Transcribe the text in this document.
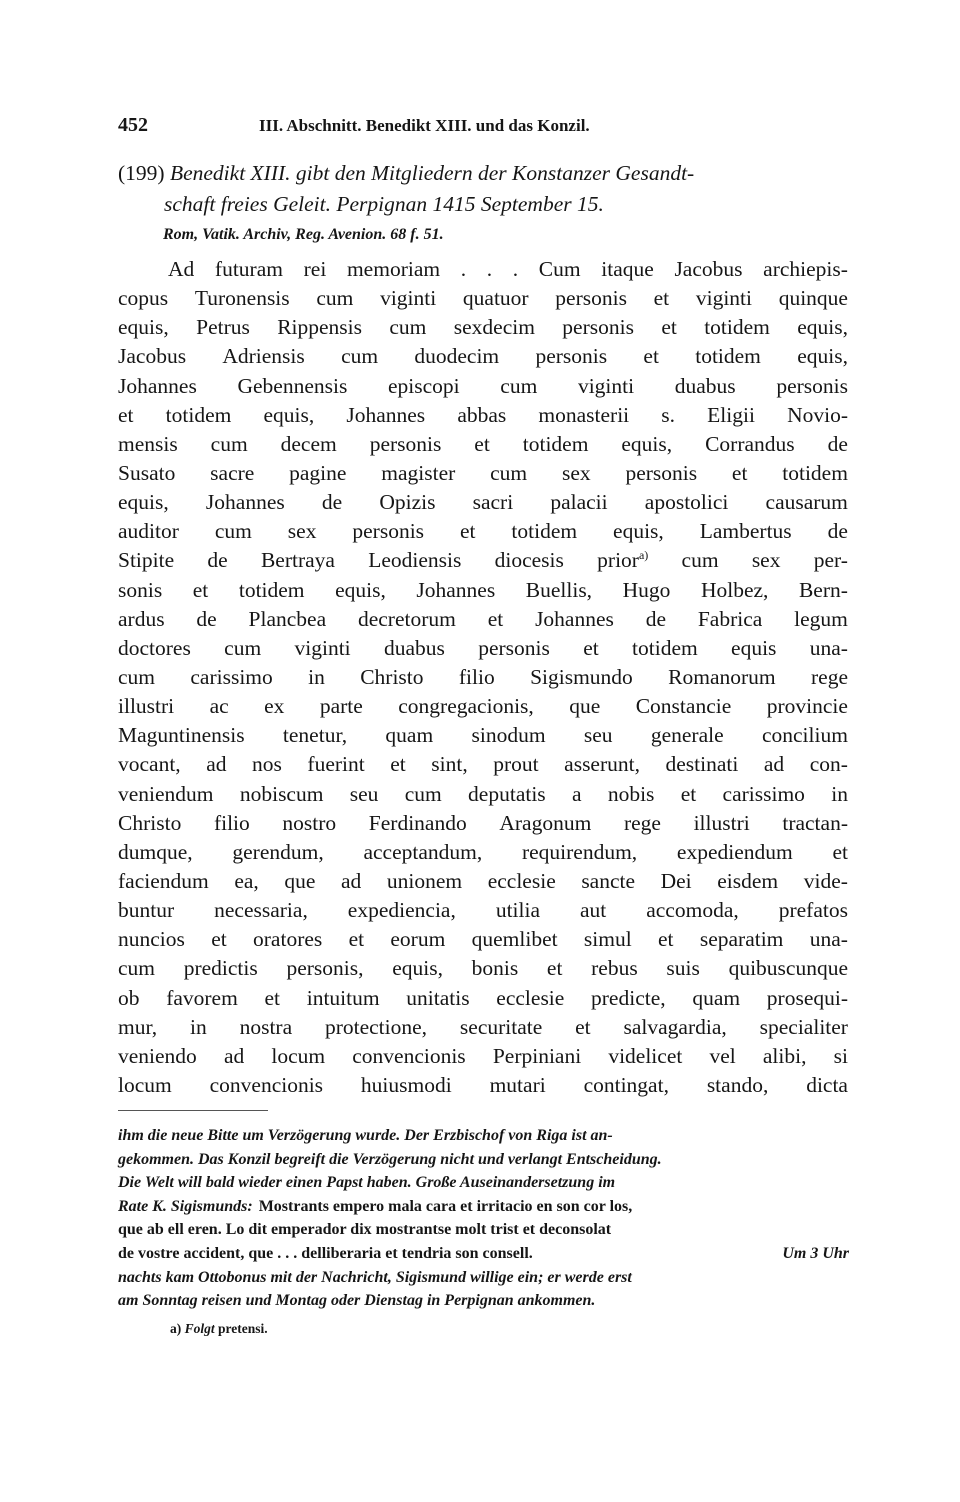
452	III. Abschnitt. Benedikt XIII. und das Konzil.
(199) Benedikt XIII. gibt den Mitgliedern der Konstanzer Gesandt-
schaft freies Geleit. Perpignan 1415 September 15.
Rom, Vatik. Archiv, Reg. Avenion. 68 f. 51.
Ad futuram rei memoriam . . . Cum itaque Jacobus archiepis-
copus Turonensis cum viginti quatuor personis et viginti quinque
equis, Petrus Rippensis cum sexdecim personis et totidem equis,
Jacobus Adriensis cum duodecim personis et totidem equis,
Johannes Gebennensis episcopi cum viginti duabus personis
et totidem equis, Johannes abbas monasterii s. Eligii Novio-
mensis cum decem personis et totidem equis, Corrandus de
Susato sacre pagine magister cum sex personis et totidem
equis, Johannes de Opizis sacri palacii apostolici causarum
auditor cum sex personis et totidem equis, Lambertus de
Stipite de Bertraya Leodiensis diocesis prior$^{a)}$ cum sex per-
sonis et totidem equis, Johannes Buellis, Hugo Holbez, Bern-
ardus de Plancbea decretorum et Johannes de Fabrica legum
doctores cum viginti duabus personis et totidem equis una-
cum carissimo in Christo filio Sigismundo Romanorum rege
illustri ac ex parte congregacionis, que Constancie provincie
Maguntinensis tenetur, quam sinodum seu generale concilium
vocant, ad nos fuerint et sint, prout asserunt, destinati ad con-
veniendum nobiscum seu cum deputatis a nobis et carissimo in
Christo filio nostro Ferdinando Aragonum rege illustri tractan-
dumque, gerendum, acceptandum, requirendum, expediendum et
faciendum ea, que ad unionem ecclesie sancte Dei eisdem vide-
buntur necessaria, expediencia, utilia aut accomoda, prefatos
nuncios et oratores et eorum quemlibet simul et separatim una-
cum predictis personis, equis, bonis et rebus suis quibuscunque
ob favorem et intuitum unitatis ecclesie predicte, quam prosequi-
mur, in nostra protectione, securitate et salvagardia, specialiter
veniendo ad locum convencionis Perpiniani videlicet vel alibi, si
locum convencionis huiusmodi mutari contingat, stando, dicta
ihm die neue Bitte um Verzögerung wurde. Der Erzbischof von Riga ist an-
gekommen. Das Konzil begreift die Verzögerung nicht und verlangt Entscheidung.
Die Welt will bald wieder einen Papst haben. Große Auseinandersetzung im
Rate K. Sigismunds: Mostrants empero mala cara et irritacio en son cor los,
que ab ell eren. Lo dit emperador dix mostrantse molt trist et deconsolat
de vostre accident, que . . . delliberaria et tendria son consell.	Um 3 Uhr
nachts kam Ottobonus mit der Nachricht, Sigismund willige ein; er werde erst
am Sonntag reisen und Montag oder Dienstag in Perpignan ankommen.
a) Folgt pretensi.
